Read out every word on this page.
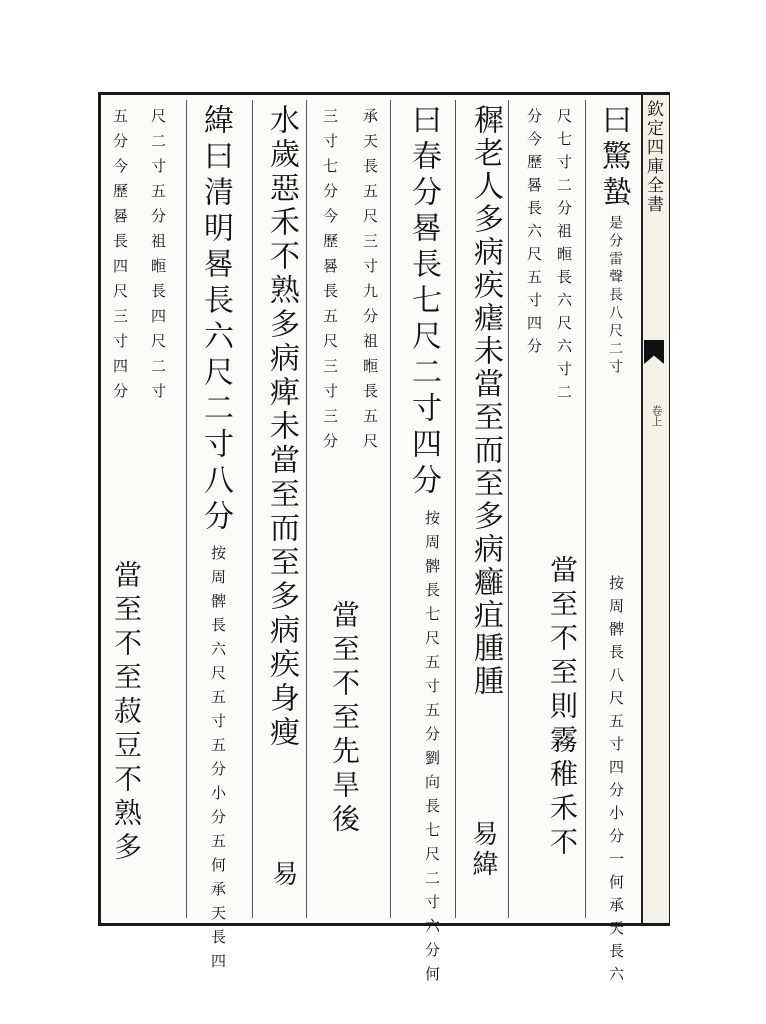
欽定四庫全書
卷上
曰驚蟄
是分雷聲長八尺二寸
按周髀長八尺五寸四分小分一何承天長六
尺七寸二分祖暅長六尺六寸二
當至不至則霧稚禾不
分今歷晷長六尺五寸四分
穉老人多病疾瘧未當至而至多病癰疽腫腫
易緯
曰春分晷長七尺二寸四分
按周髀長七尺五寸五分劉向長七尺二寸六分何
承天長五尺三寸九分祖暅長五尺
當至不至先旱後
三寸七分今歷晷長五尺三寸三分
水歲惡禾不熟多病痺未當至而至多病疾身瘦
易
緯曰清明晷長六尺二寸八分
按周髀長六尺五寸五分小分五何承天長四
尺二寸五分祖暅長四尺二寸
五分今歷晷長四尺三寸四分
當至不至菽豆不熟多
